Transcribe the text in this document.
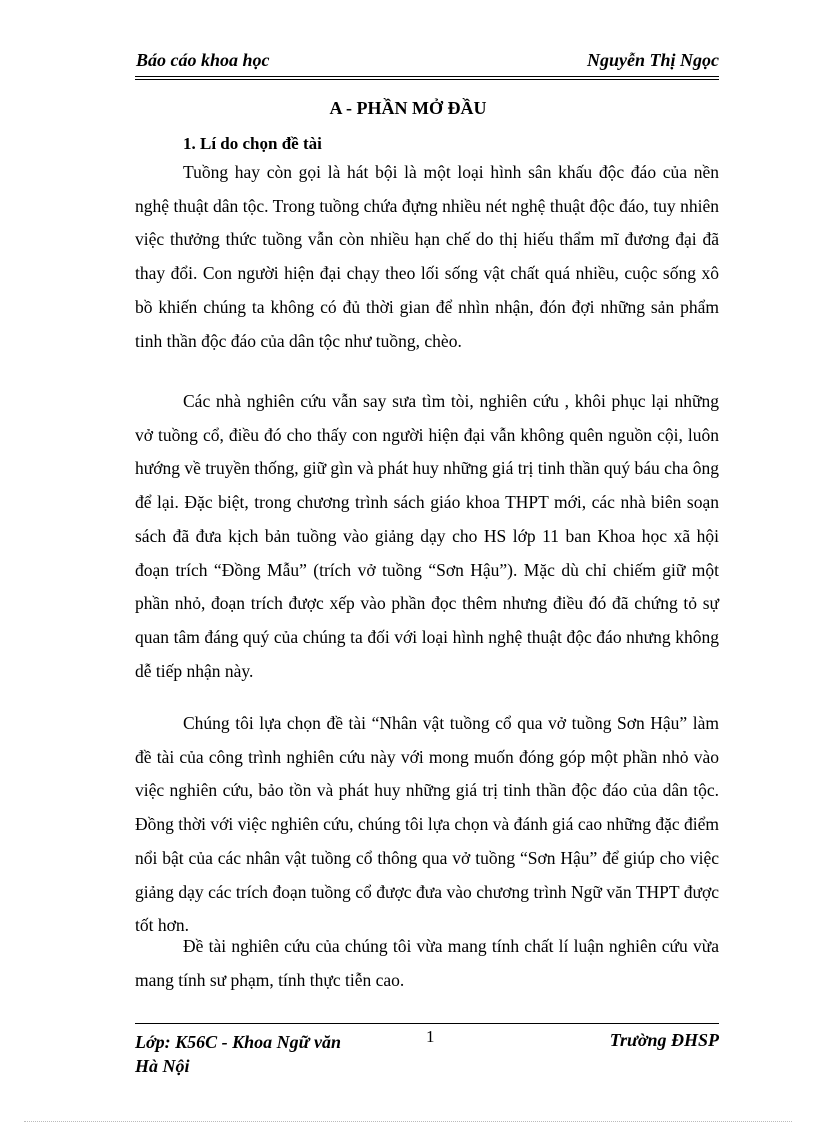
Báo cáo khoa học	Nguyễn Thị Ngọc
A - PHẦN MỞ ĐẦU
1. Lí do chọn đề tài

Tuồng hay còn gọi là hát bội là một loại hình sân khấu độc đáo của nền nghệ thuật dân tộc. Trong tuồng chứa đựng nhiều nét nghệ thuật độc đáo, tuy nhiên việc thưởng thức tuồng vẫn còn nhiều hạn chế do thị hiếu thẩm mĩ đương đại đã thay đổi. Con người hiện đại chạy theo lối sống vật chất quá nhiều, cuộc sống xô bồ khiến chúng ta không có đủ thời gian để nhìn nhận, đón đợi những sản phẩm tinh thần độc đáo của dân tộc như tuồng, chèo.

Các nhà nghiên cứu vẫn say sưa tìm tòi, nghiên cứu , khôi phục lại những vở tuồng cổ, điều đó cho thấy con người hiện đại vẫn không quên nguồn cội, luôn hướng về truyền thống, giữ gìn và phát huy những giá trị tinh thần quý báu cha ông để lại. Đặc biệt, trong chương trình sách giáo khoa THPT mới, các nhà biên soạn sách đã đưa kịch bản tuồng vào giảng dạy cho HS lớp 11 ban Khoa học xã hội đoạn trích “Đồng Mẫu” (trích vở tuồng “Sơn Hậu”). Mặc dù chỉ chiếm giữ một phần nhỏ, đoạn trích được xếp vào phần đọc thêm nhưng điều đó đã chứng tỏ sự quan tâm đáng quý của chúng ta đối với loại hình nghệ thuật độc đáo nhưng không dễ tiếp nhận này.

Chúng tôi lựa chọn đề tài “Nhân vật tuồng cổ qua vở tuồng Sơn Hậu” làm đề tài của công trình nghiên cứu này với mong muốn đóng góp một phần nhỏ vào việc nghiên cứu, bảo tồn và phát huy những giá trị tinh thần độc đáo của dân tộc. Đồng thời với việc nghiên cứu, chúng tôi lựa chọn và đánh giá cao những đặc điểm nổi bật của các nhân vật tuồng cổ thông qua vở tuồng “Sơn Hậu” để giúp cho việc giảng dạy các trích đoạn tuồng cổ được đưa vào chương trình Ngữ văn THPT được tốt hơn.

Đề tài nghiên cứu của chúng tôi vừa mang tính chất lí luận nghiên cứu vừa mang tính sư phạm, tính thực tiễn cao.

Lớp: K56C - Khoa Ngữ văn
Hà Nội
1	Trường ĐHSP
